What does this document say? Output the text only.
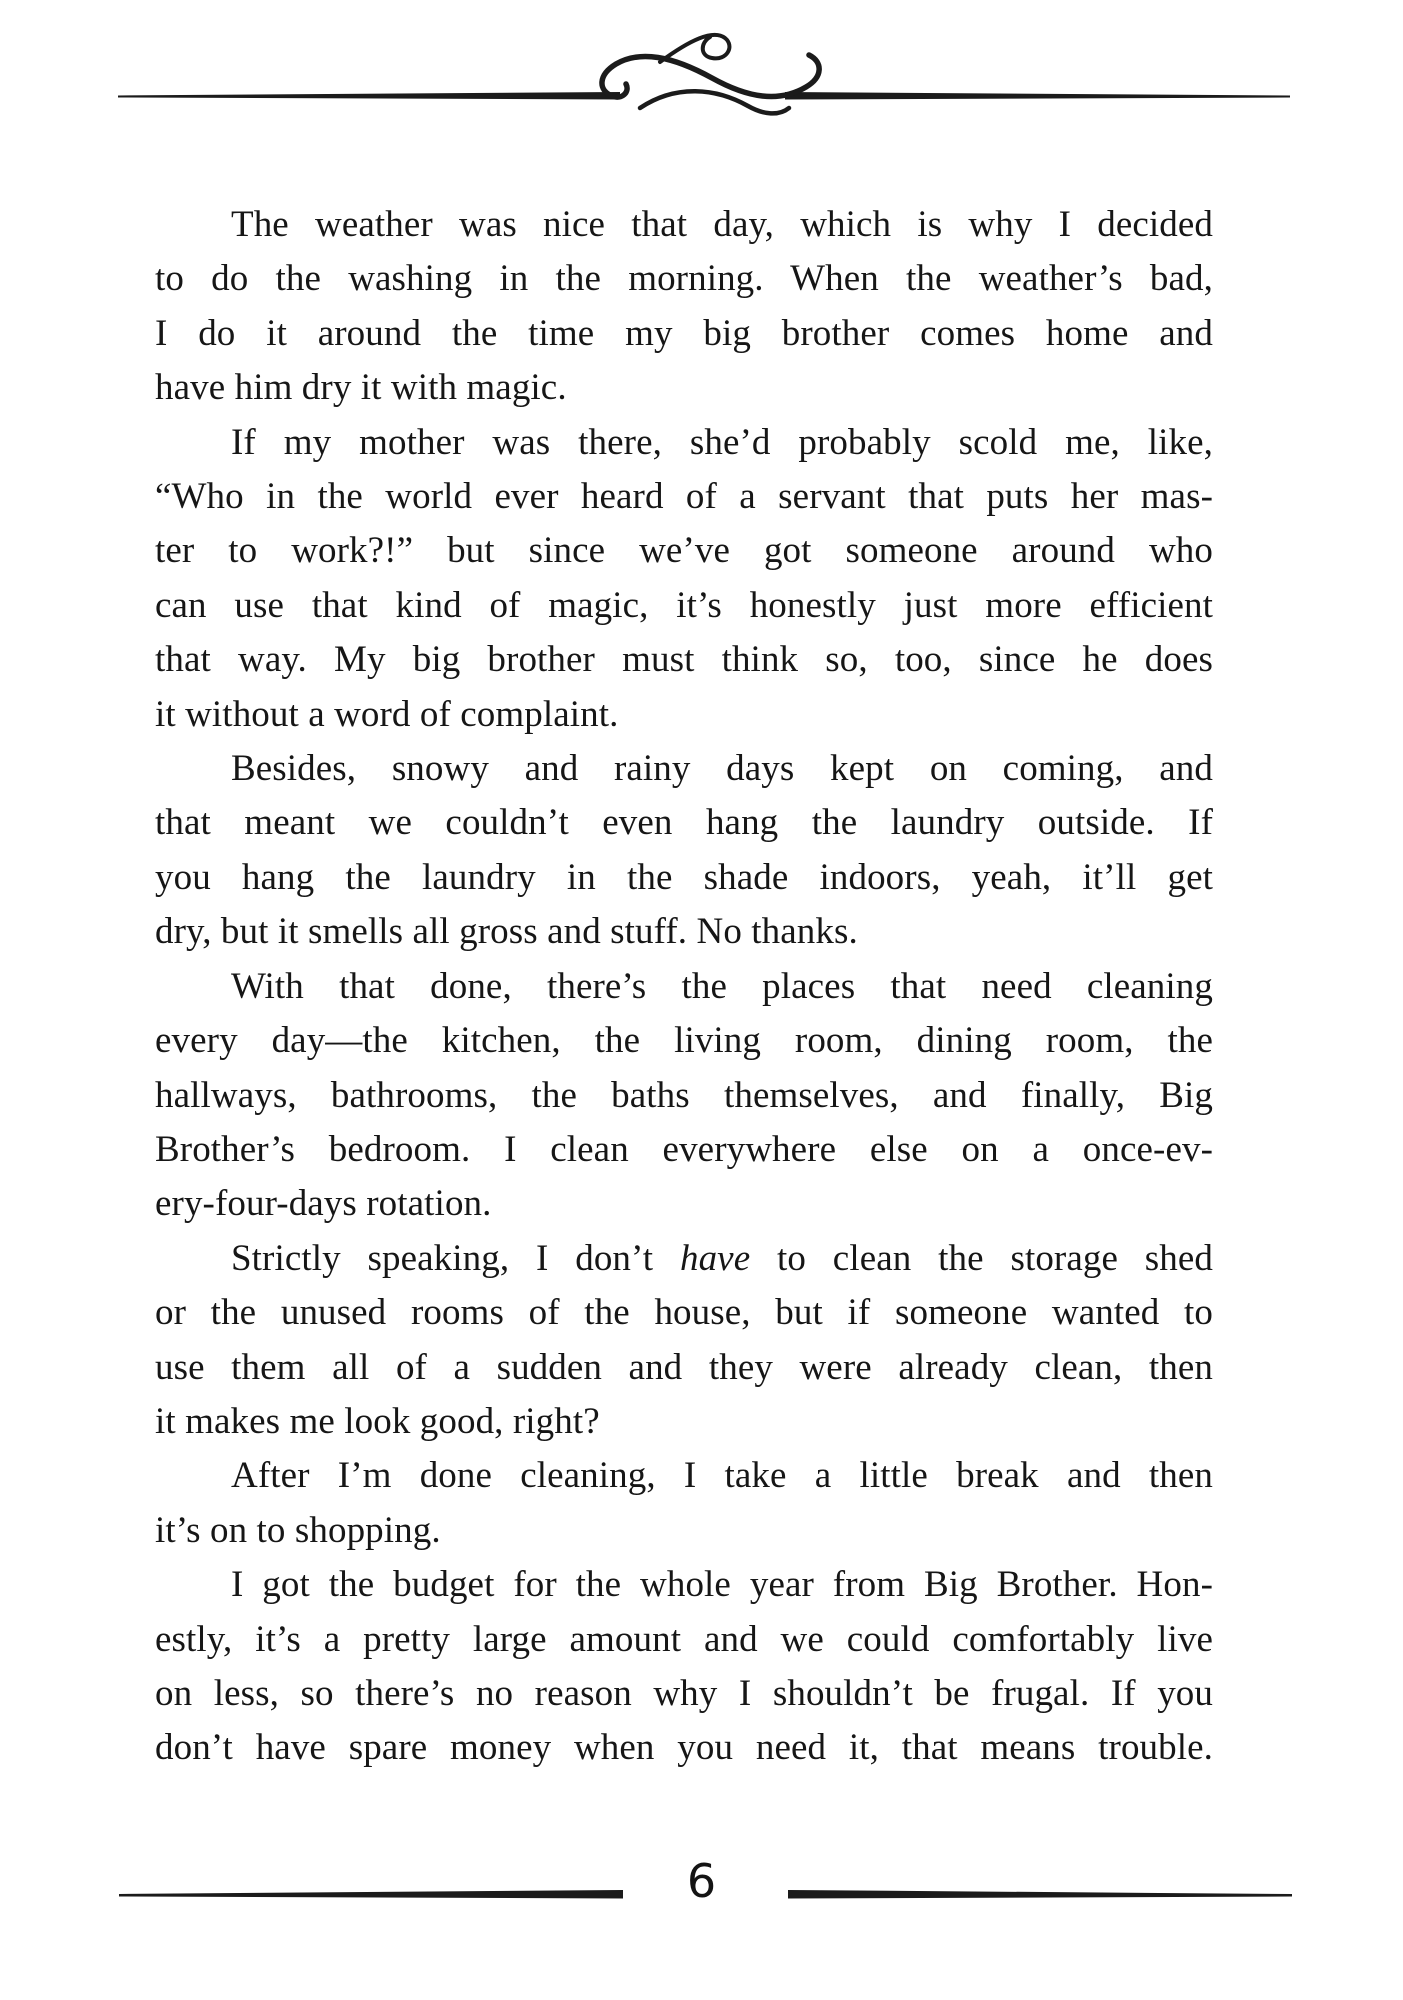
The weather was nice that day, which is why I decided
to do the washing in the morning. When the weather’s bad,
I do it around the time my big brother comes home and
have him dry it with magic.
If my mother was there, she’d probably scold me, like,
“Who in the world ever heard of a servant that puts her mas-
ter to work?!” but since we’ve got someone around who
can use that kind of magic, it’s honestly just more efficient
that way. My big brother must think so, too, since he does
it without a word of complaint.
Besides, snowy and rainy days kept on coming, and
that meant we couldn’t even hang the laundry outside. If
you hang the laundry in the shade indoors, yeah, it’ll get
dry, but it smells all gross and stuff. No thanks.
With that done, there’s the places that need cleaning
every day—the kitchen, the living room, dining room, the
hallways, bathrooms, the baths themselves, and finally, Big
Brother’s bedroom. I clean everywhere else on a once-ev-
ery-four-days rotation.
Strictly speaking, I don’t have to clean the storage shed
or the unused rooms of the house, but if someone wanted to
use them all of a sudden and they were already clean, then
it makes me look good, right?
After I’m done cleaning, I take a little break and then
it’s on to shopping.
I got the budget for the whole year from Big Brother. Hon-
estly, it’s a pretty large amount and we could comfortably live
on less, so there’s no reason why I shouldn’t be frugal. If you
don’t have spare money when you need it, that means trouble.
6
